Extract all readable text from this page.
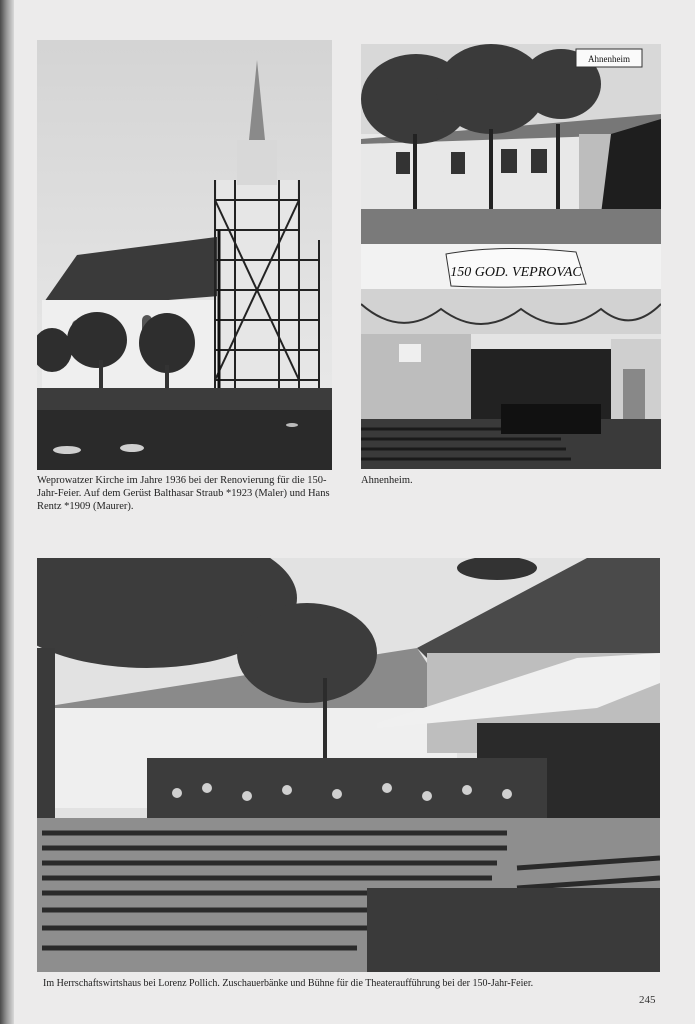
Weprowatzer Kirche im Jahre 1936 bei der Renovierung für die 150-Jahr-Feier. Auf dem Gerüst Balthasar Straub *1923 (Maler) und Hans Rentz *1909 (Maurer).
Ahnenheim
150 GOD. VEPROVAC
Ahnenheim.
Im Herrschaftswirtshaus bei Lorenz Pollich. Zuschauerbänke und Bühne für die Theateraufführung bei der 150-Jahr-Feier.
245
